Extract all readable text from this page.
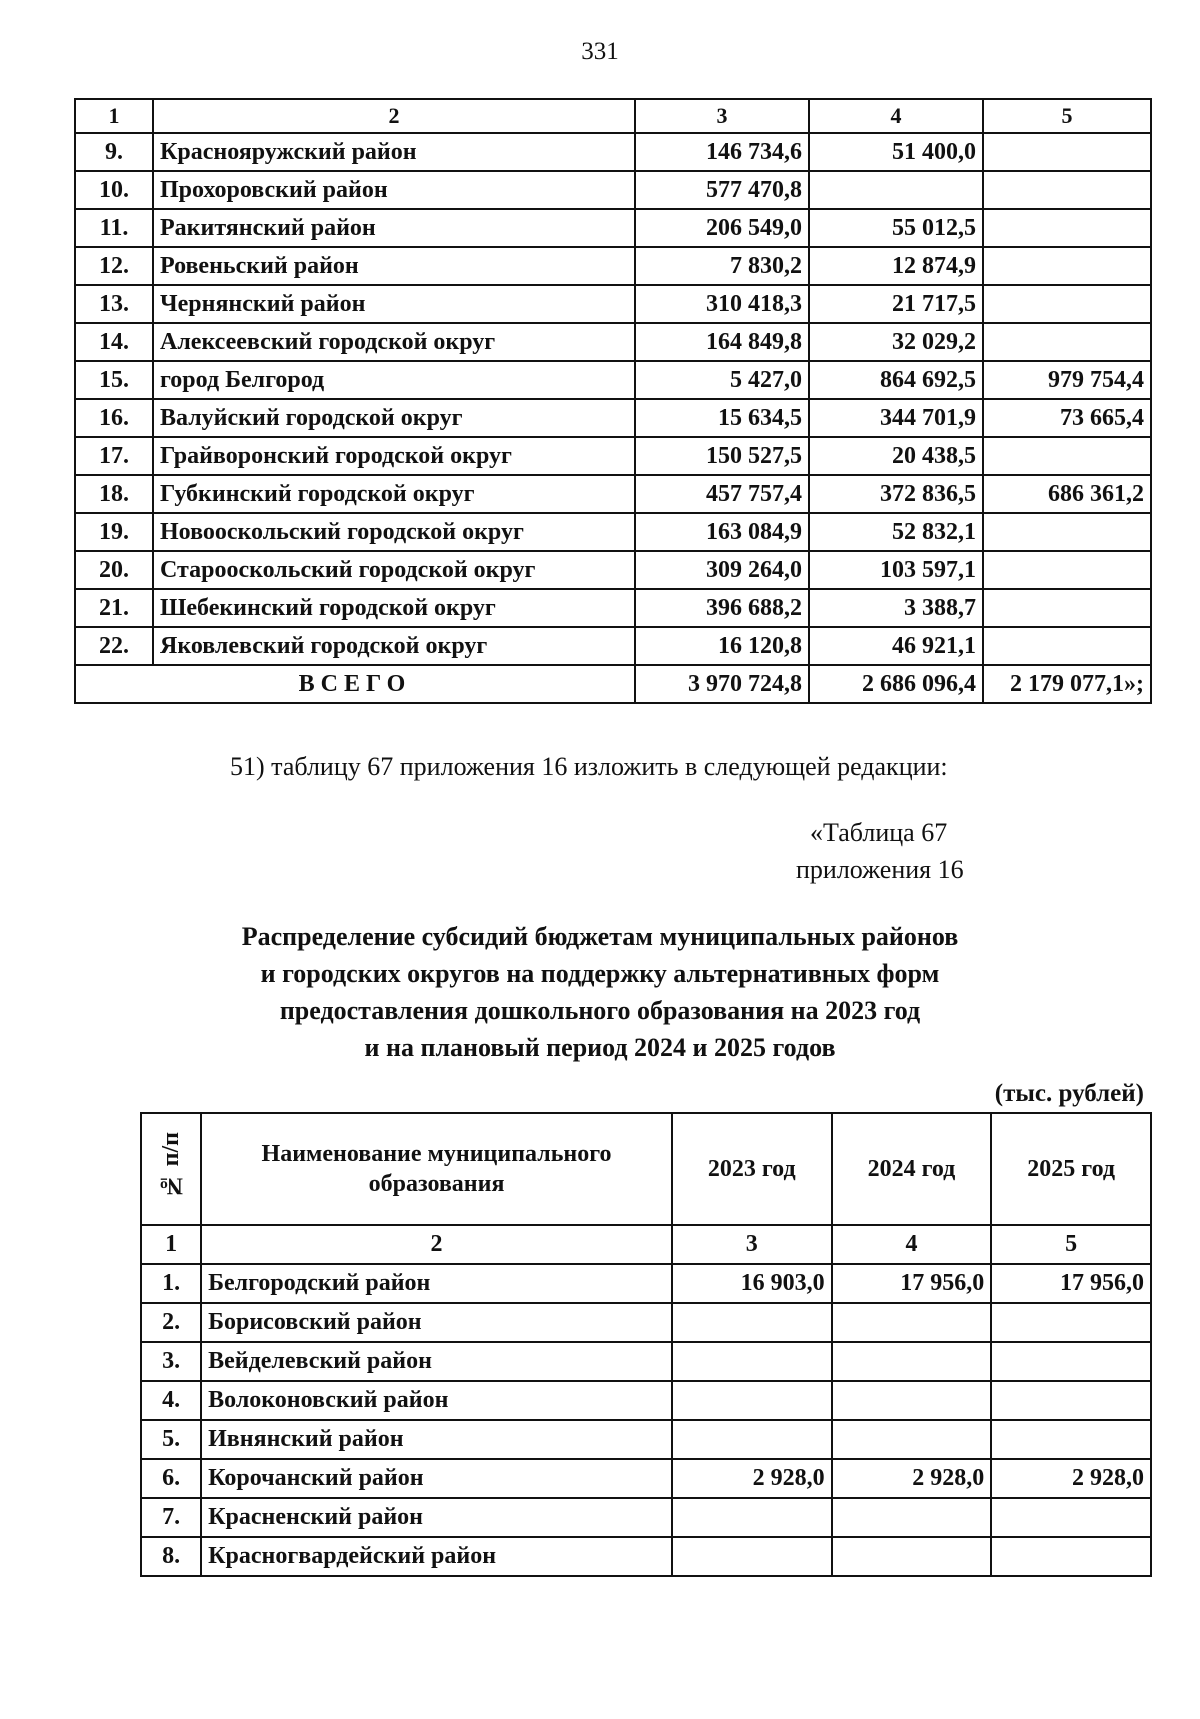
331
1	2	3	4	5
9.	Краснояружский район	146 734,6	51 400,0	
10.	Прохоровский район	577 470,8		
11.	Ракитянский район	206 549,0	55 012,5	
12.	Ровеньский район	7 830,2	12 874,9	
13.	Чернянский район	310 418,3	21 717,5	
14.	Алексеевский городской округ	164 849,8	32 029,2	
15.	город Белгород	5 427,0	864 692,5	979 754,4
16.	Валуйский городской округ	15 634,5	344 701,9	73 665,4
17.	Грайворонский городской округ	150 527,5	20 438,5	
18.	Губкинский городской округ	457 757,4	372 836,5	686 361,2
19.	Новооскольский городской округ	163 084,9	52 832,1	
20.	Старооскольский городской округ	309 264,0	103 597,1	
21.	Шебекинский городской округ	396 688,2	3 388,7	
22.	Яковлевский городской округ	16 120,8	46 921,1	
ВСЕГО		3 970 724,8	2 686 096,4	2 179 077,1»;
51) таблицу 67 приложения 16 изложить в следующей редакции:
«Таблица 67
приложения 16
Распределение субсидий бюджетам муниципальных районов
и городских округов на поддержку альтернативных форм
предоставления дошкольного образования на 2023 год
и на плановый период 2024 и 2025 годов
(тыс. рублей)
№ п/п	Наименование муниципального образования	2023 год	2024 год	2025 год
1	2	3	4	5
1.	Белгородский район	16 903,0	17 956,0	17 956,0
2.	Борисовский район			
3.	Вейделевский район			
4.	Волоконовский район			
5.	Ивнянский район			
6.	Корочанский район	2 928,0	2 928,0	2 928,0
7.	Красненский район			
8.	Красногвардейский район			
